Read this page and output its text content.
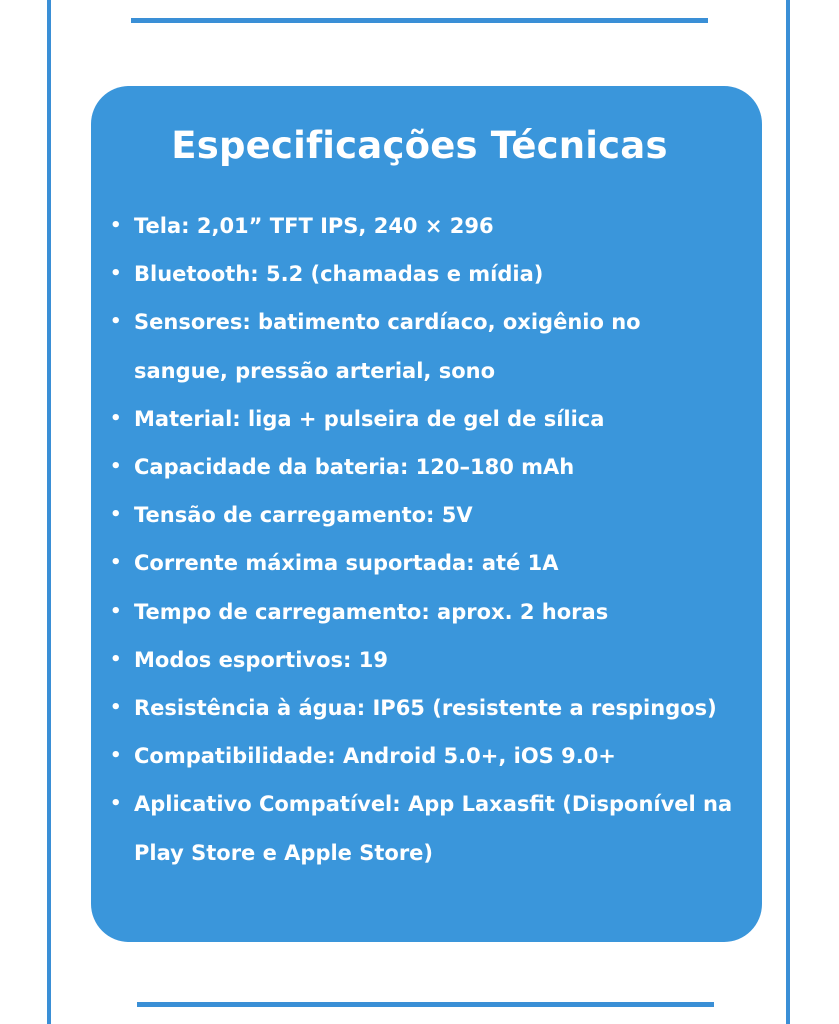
Especificações Técnicas
• Tela: 2,01” TFT IPS, 240 × 296
• Bluetooth: 5.2 (chamadas e mídia)
• Sensores: batimento cardíaco, oxigênio no sangue, pressão arterial, sono
• Material: liga + pulseira de gel de sílica
• Capacidade da bateria: 120–180 mAh
• Tensão de carregamento: 5V
• Corrente máxima suportada: até 1A
• Tempo de carregamento: aprox. 2 horas
• Modos esportivos: 19
• Resistência à água: IP65 (resistente a respingos)
• Compatibilidade: Android 5.0+, iOS 9.0+
• Aplicativo Compatível: App Laxasfit (Disponível na Play Store e Apple Store)
